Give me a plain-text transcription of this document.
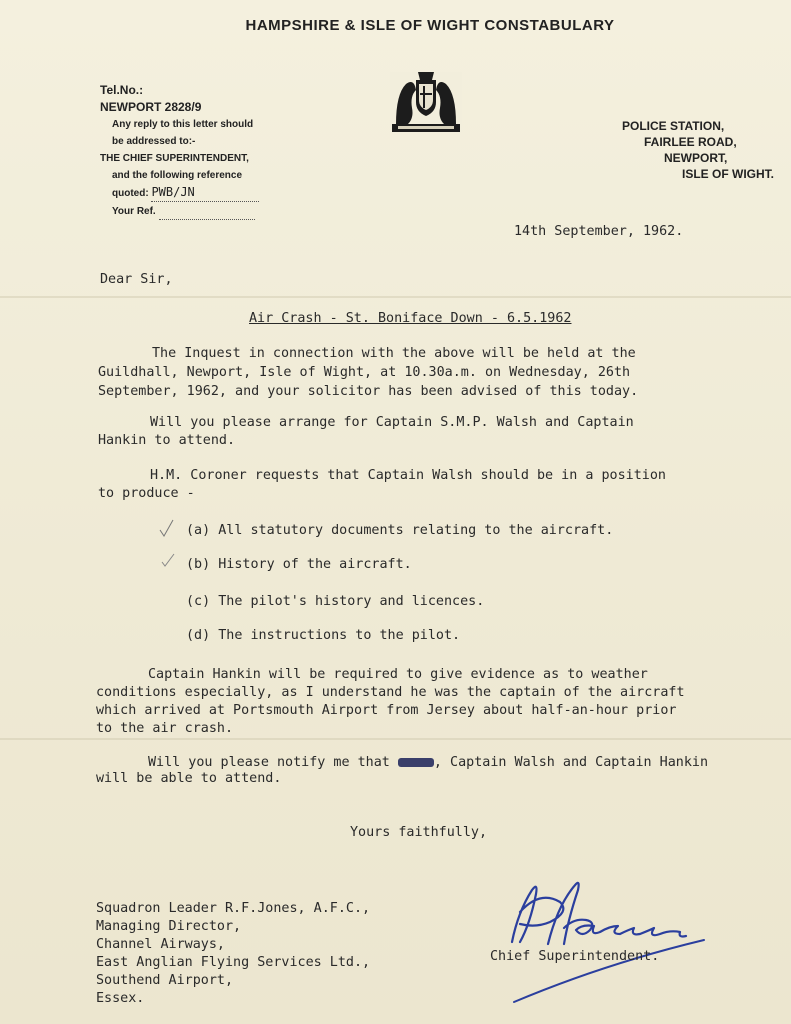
HAMPSHIRE & ISLE OF WIGHT CONSTABULARY
Tel.No.:
NEWPORT 2828/9
Any reply to this letter should
be addressed to:-
THE CHIEF SUPERINTENDENT,
and the following reference
quoted: PWB/JN
Your Ref.
POLICE STATION,
FAIRLEE ROAD,
NEWPORT,
ISLE OF WIGHT.
14th September, 1962.
Dear Sir,
Air Crash - St. Boniface Down - 6.5.1962
The Inquest in connection with the above will be held at the
Guildhall, Newport, Isle of Wight, at 10.30a.m. on Wednesday, 26th
September, 1962, and your solicitor has been advised of this today.
Will you please arrange for Captain S.M.P. Walsh and Captain
Hankin to attend.
H.M. Coroner requests that Captain Walsh should be in a position
to produce -
(a) All statutory documents relating to the aircraft.
(b) History of the aircraft.
(c) The pilot's history and licences.
(d) The instructions to the pilot.
Captain Hankin will be required to give evidence as to weather
conditions especially, as I understand he was the captain of the aircraft
which arrived at Portsmouth Airport from Jersey about half-an-hour prior
to the air crash.
Will you please notify me that	, Captain Walsh and Captain Hankin
will be able to attend.
Yours faithfully,
Squadron Leader R.F.Jones, A.F.C.,
Managing Director,
Channel Airways,
East Anglian Flying Services Ltd.,
Southend Airport,
Essex.
Chief Superintendent.
